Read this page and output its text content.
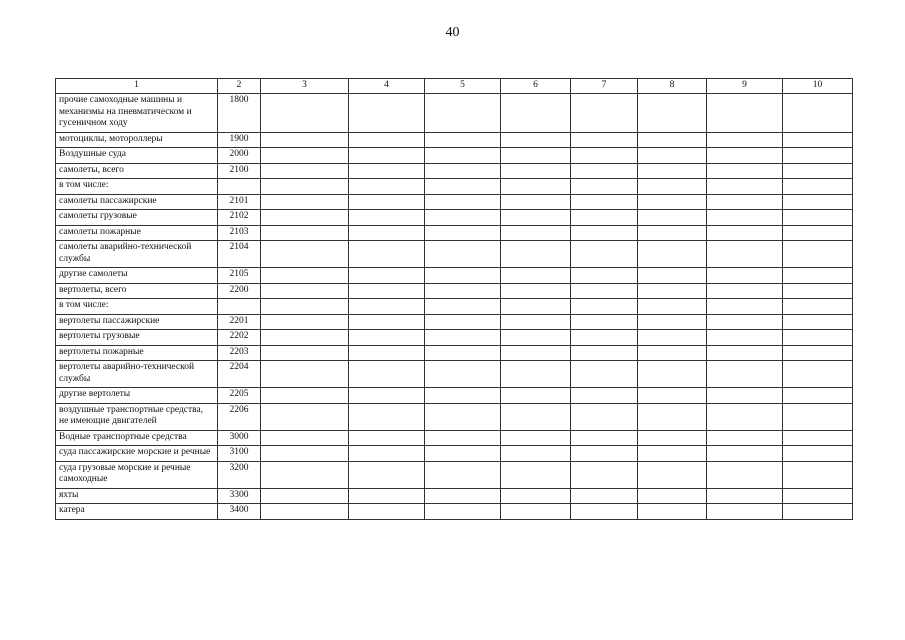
40
1	2	3	4	5	6	7	8	9	10
прочие самоходные машины и механизмы на пневматическом и гусеничном ходу	1800								
мотоциклы, мотороллеры	1900								
Воздушные суда	2000								
самолеты, всего	2100								
в том числе:									
самолеты пассажирские	2101								
самолеты грузовые	2102								
самолеты пожарные	2103								
самолеты аварийно-технической службы	2104								
другие самолеты	2105								
вертолеты, всего	2200								
в том числе:									
вертолеты пассажирские	2201								
вертолеты грузовые	2202								
вертолеты пожарные	2203								
вертолеты аварийно-технической службы	2204								
другие вертолеты	2205								
воздушные транспортные средства, не имеющие двигателей	2206								
Водные транспортные средства	3000								
суда пассажирские морские и речные	3100								
суда грузовые морские и речные самоходные	3200								
яхты	3300								
катера	3400								
